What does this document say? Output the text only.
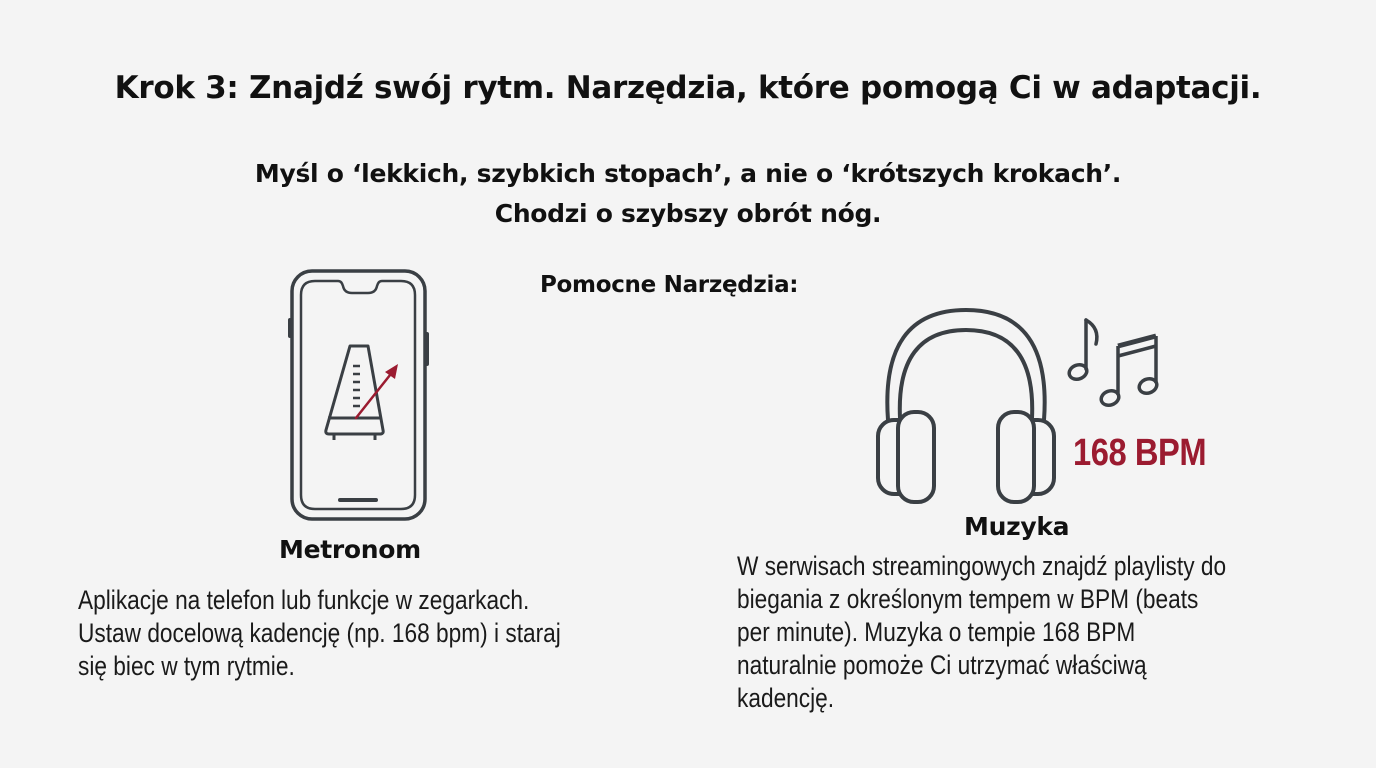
Krok 3: Znajdź swój rytm. Narzędzia, które pomogą Ci w adaptacji.
Myśl o ‘lekkich, szybkich stopach’, a nie o ‘krótszych krokach’.
Chodzi o szybszy obrót nóg.
Pomocne Narzędzia:
168 BPM
Metronom
Aplikacje na telefon lub funkcje w zegarkach.
Ustaw docelową kadencję (np. 168 bpm) i staraj
się biec w tym rytmie.
Muzyka
W serwisach streamingowych znajdź playlisty do
biegania z określonym tempem w BPM (beats
per minute). Muzyka o tempie 168 BPM
naturalnie pomoże Ci utrzymać właściwą
kadencję.
